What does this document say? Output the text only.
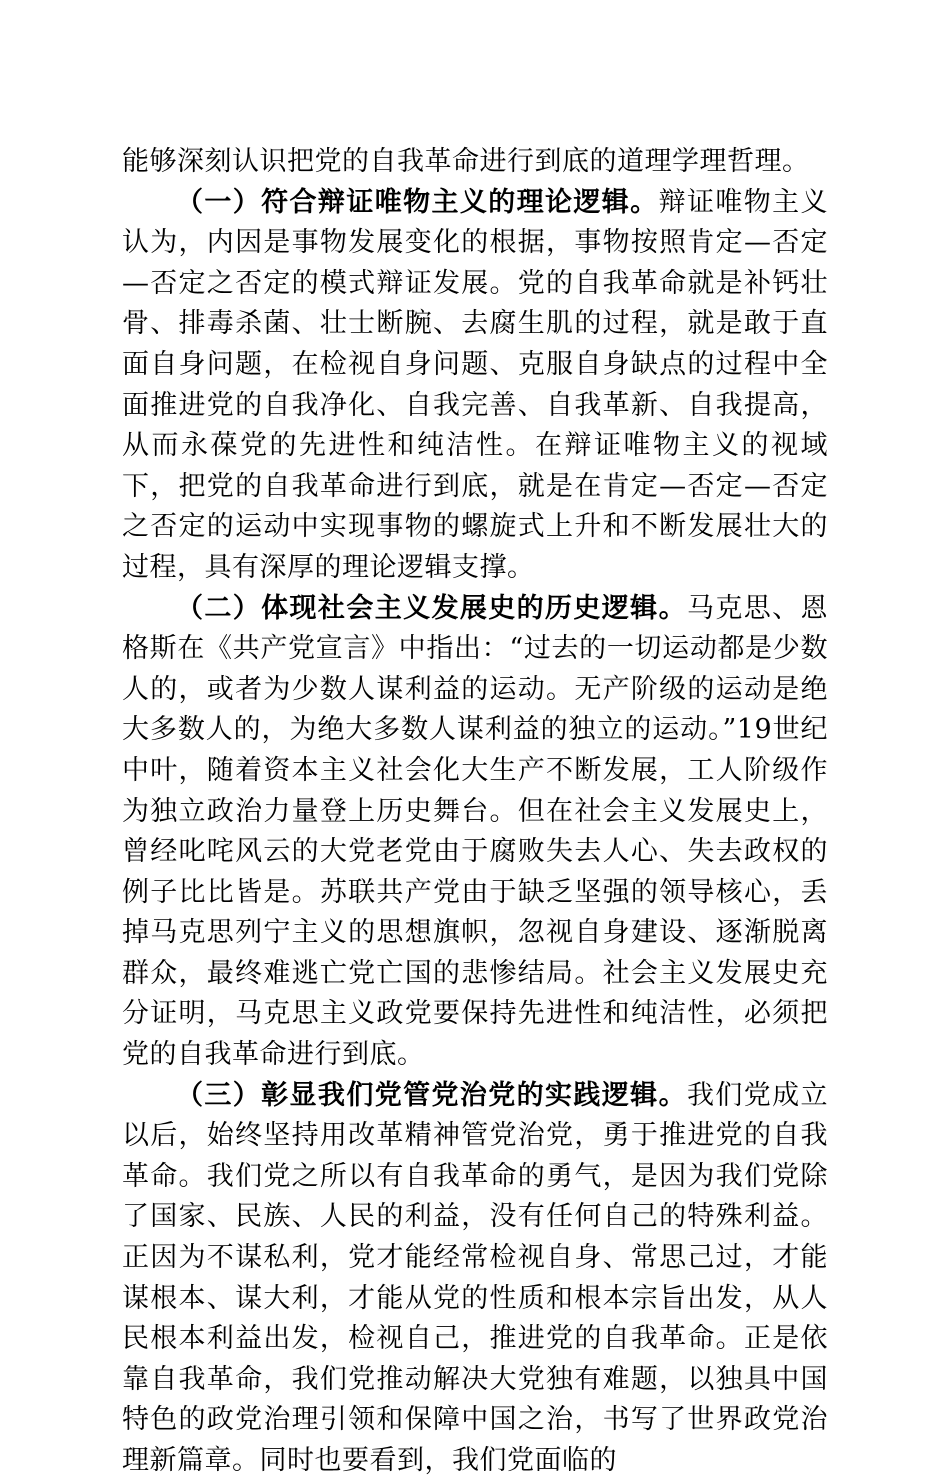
能够深刻认识把党的自我革命进行到底的道理学理哲理。

（一）符合辩证唯物主义的理论逻辑。辩证唯物主义认为，内因是事物发展变化的根据，事物按照肯定—否定—否定之否定的模式辩证发展。党的自我革命就是补钙壮骨、排毒杀菌、壮士断腕、去腐生肌的过程，就是敢于直面自身问题，在检视自身问题、克服自身缺点的过程中全面推进党的自我净化、自我完善、自我革新、自我提高，从而永葆党的先进性和纯洁性。在辩证唯物主义的视域下，把党的自我革命进行到底，就是在肯定—否定—否定之否定的运动中实现事物的螺旋式上升和不断发展壮大的过程，具有深厚的理论逻辑支撑。

（二）体现社会主义发展史的历史逻辑。马克思、恩格斯在《共产党宣言》中指出：“过去的一切运动都是少数人的，或者为少数人谋利益的运动。无产阶级的运动是绝大多数人的，为绝大多数人谋利益的独立的运动。”19世纪中叶，随着资本主义社会化大生产不断发展，工人阶级作为独立政治力量登上历史舞台。但在社会主义发展史上，曾经叱咤风云的大党老党由于腐败失去人心、失去政权的例子比比皆是。苏联共产党由于缺乏坚强的领导核心，丢掉马克思列宁主义的思想旗帜，忽视自身建设、逐渐脱离群众，最终难逃亡党亡国的悲惨结局。社会主义发展史充分证明，马克思主义政党要保持先进性和纯洁性，必须把党的自我革命进行到底。

（三）彰显我们党管党治党的实践逻辑。我们党成立以后，始终坚持用改革精神管党治党，勇于推进党的自我革命。我们党之所以有自我革命的勇气，是因为我们党除了国家、民族、人民的利益，没有任何自己的特殊利益。正因为不谋私利，党才能经常检视自身、常思己过，才能谋根本、谋大利，才能从党的性质和根本宗旨出发，从人民根本利益出发，检视自己，推进党的自我革命。正是依靠自我革命，我们党推动解决大党独有难题，以独具中国特色的政党治理引领和保障中国之治，书写了世界政党治理新篇章。同时也要看到，我们党面临的
